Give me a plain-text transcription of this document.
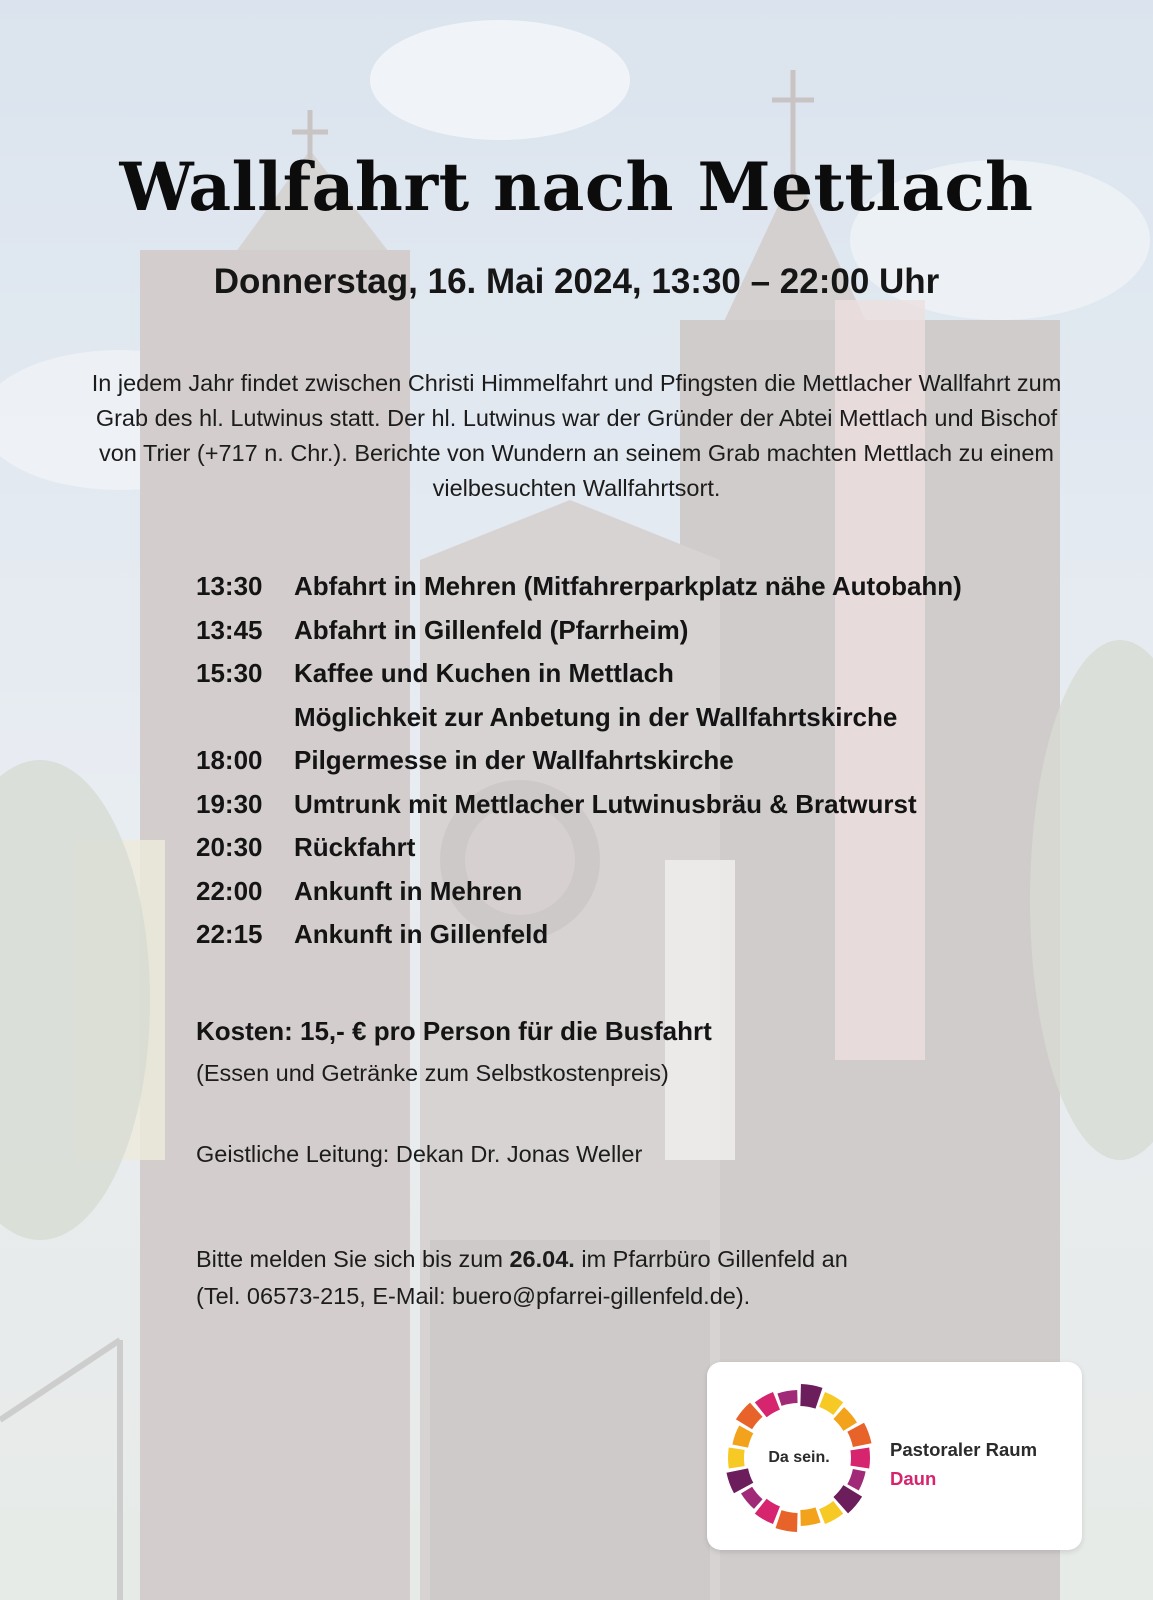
Wallfahrt nach Mettlach
Donnerstag, 16. Mai 2024, 13:30 – 22:00 Uhr
In jedem Jahr findet zwischen Christi Himmelfahrt und Pfingsten die Mettlacher Wallfahrt zum Grab des hl. Lutwinus statt. Der hl. Lutwinus war der Gründer der Abtei Mettlach und Bischof von Trier (+717 n. Chr.). Berichte von Wundern an seinem Grab machten Mettlach zu einem vielbesuchten Wallfahrtsort.
13:30	Abfahrt in Mehren (Mitfahrerparkplatz nähe Autobahn)
13:45	Abfahrt in Gillenfeld (Pfarrheim)
15:30	Kaffee und Kuchen in Mettlach
Möglichkeit zur Anbetung in der Wallfahrtskirche
18:00	Pilgermesse in der Wallfahrtskirche
19:30	Umtrunk mit Mettlacher Lutwinusbräu & Bratwurst
20:30	Rückfahrt
22:00	Ankunft in Mehren
22:15	Ankunft in Gillenfeld
Kosten: 15,- € pro Person für die Busfahrt
(Essen und Getränke zum Selbstkostenpreis)
Geistliche Leitung: Dekan Dr. Jonas Weller
Bitte melden Sie sich bis zum 26.04. im Pfarrbüro Gillenfeld an
(Tel. 06573-215, E-Mail: buero@pfarrei-gillenfeld.de).
Da sein.	Pastoraler Raum
Daun
